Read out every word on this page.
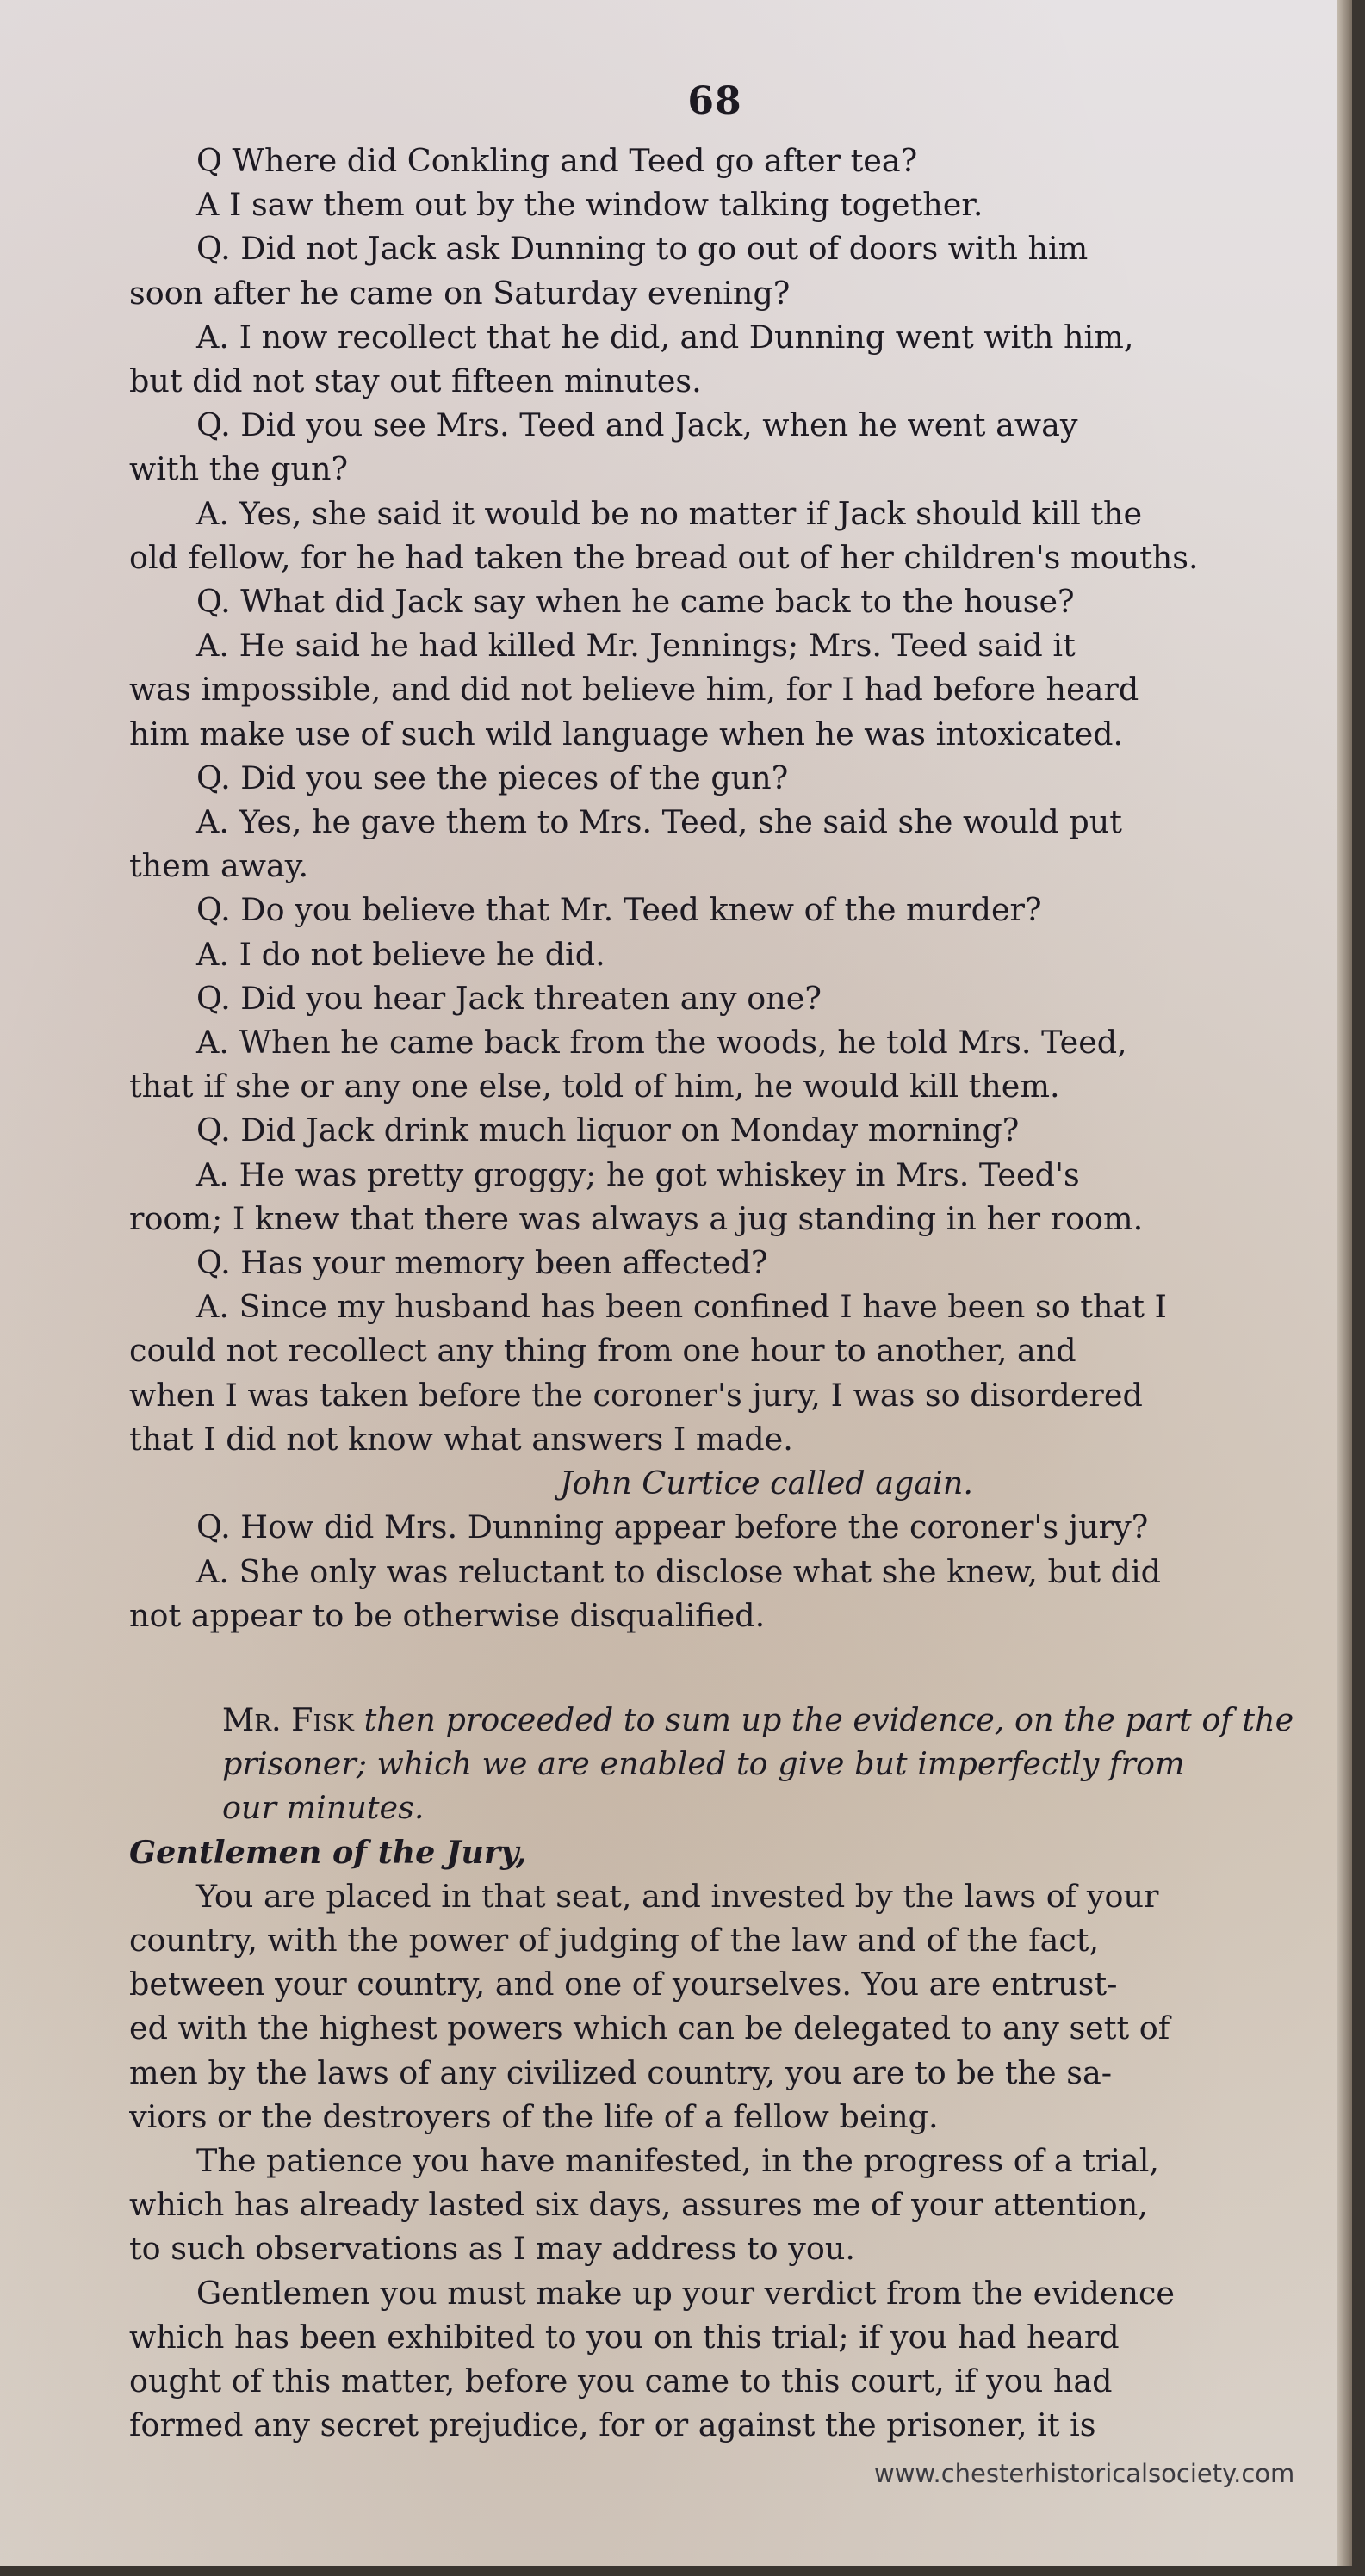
68
Q Where did Conkling and Teed go after tea?
A I saw them out by the window talking together.
Q. Did not Jack ask Dunning to go out of doors with him
soon after he came on Saturday evening?
A. I now recollect that he did, and Dunning went with him,
but did not stay out fifteen minutes.
Q. Did you see Mrs. Teed and Jack, when he went away
with the gun?
A. Yes, she said it would be no matter if Jack should kill the
old fellow, for he had taken the bread out of her children's mouths.
Q. What did Jack say when he came back to the house?
A. He said he had killed Mr. Jennings; Mrs. Teed said it
was impossible, and did not believe him, for I had before heard
him make use of such wild language when he was intoxicated.
Q. Did you see the pieces of the gun?
A. Yes, he gave them to Mrs. Teed, she said she would put
them away.
Q. Do you believe that Mr. Teed knew of the murder?
A. I do not believe he did.
Q. Did you hear Jack threaten any one?
A. When he came back from the woods, he told Mrs. Teed,
that if she or any one else, told of him, he would kill them.
Q. Did Jack drink much liquor on Monday morning?
A. He was pretty groggy; he got whiskey in Mrs. Teed's
room; I knew that there was always a jug standing in her room.
Q. Has your memory been affected?
A. Since my husband has been confined I have been so that I
could not recollect any thing from one hour to another, and
when I was taken before the coroner's jury, I was so disordered
that I did not know what answers I made.
John Curtice called again.
Q. How did Mrs. Dunning appear before the coroner's jury?
A. She only was reluctant to disclose what she knew, but did
not appear to be otherwise disqualified.
Mr. Fisk then proceeded to sum up the evidence, on the part of the
prisoner; which we are enabled to give but imperfectly from
our minutes.
Gentlemen of the Jury,
You are placed in that seat, and invested by the laws of your
country, with the power of judging of the law and of the fact,
between your country, and one of yourselves. You are entrust-
ed with the highest powers which can be delegated to any sett of
men by the laws of any civilized country, you are to be the sa-
viors or the destroyers of the life of a fellow being.
The patience you have manifested, in the progress of a trial,
which has already lasted six days, assures me of your attention,
to such observations as I may address to you.
Gentlemen you must make up your verdict from the evidence
which has been exhibited to you on this trial; if you had heard
ought of this matter, before you came to this court, if you had
formed any secret prejudice, for or against the prisoner, it is
www.chesterhistoricalsociety.com
